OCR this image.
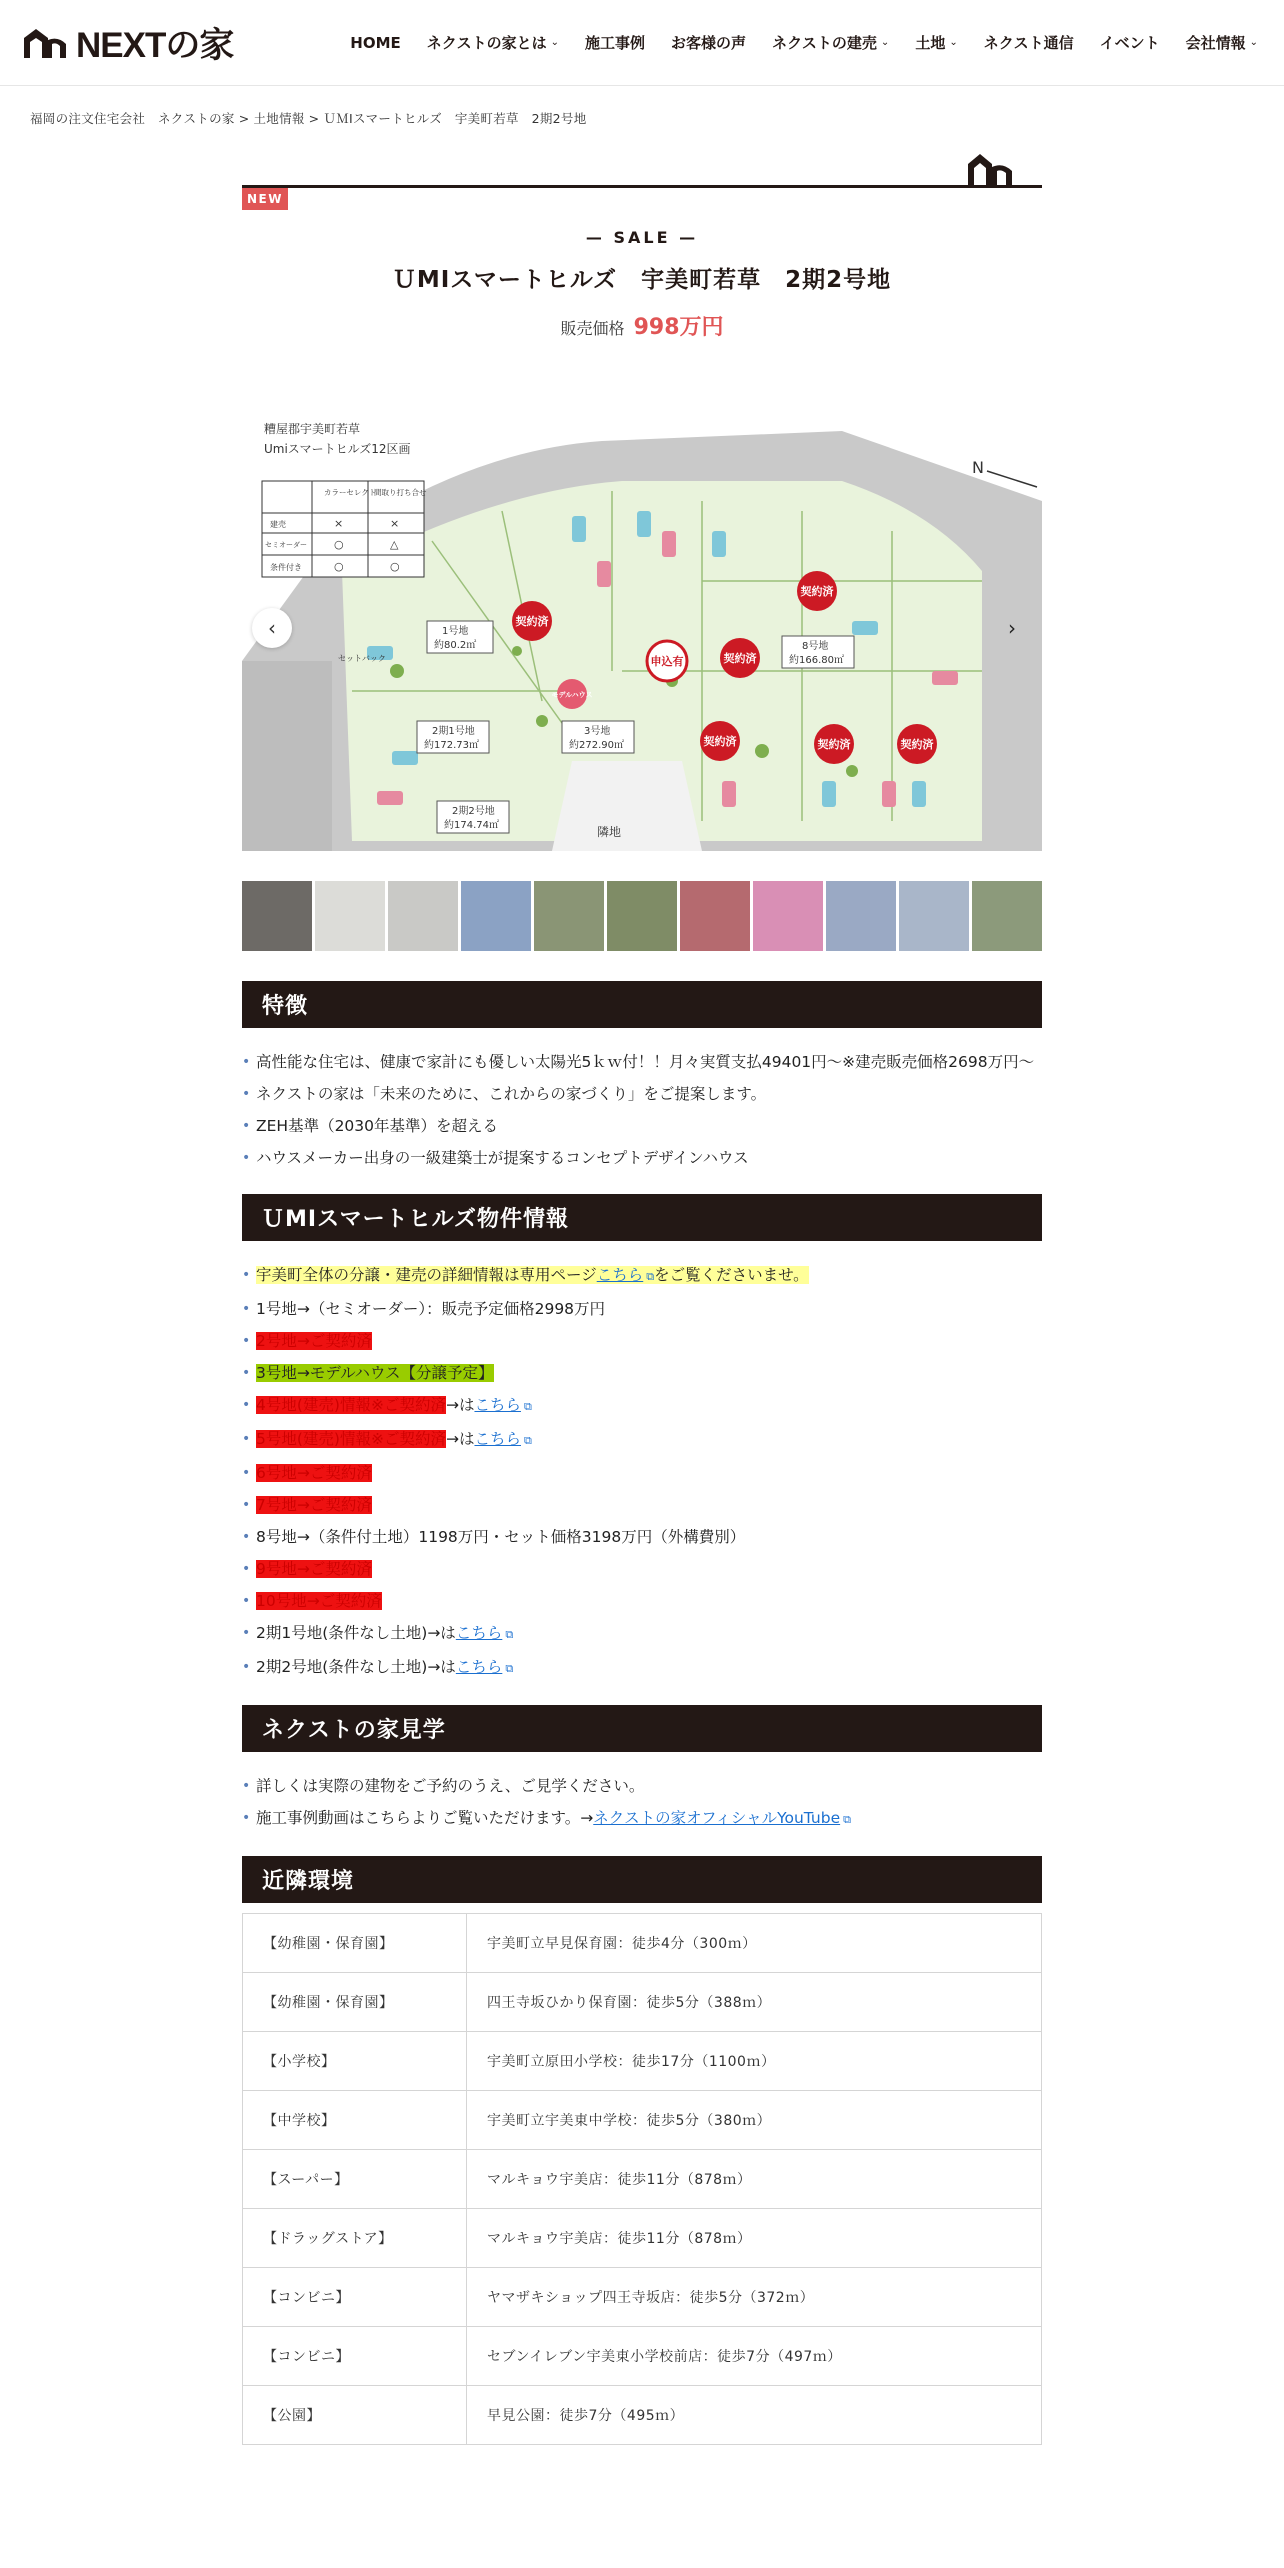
NEXTの家	HOME ネクストの家とは ⌄ 施工事例 お客様の声 ネクストの建売 ⌄ 土地 ⌄ ネクスト通信 イベント 会社情報 ⌄
福岡の注文住宅会社　ネクストの家 > 土地情報 > ＵＭIスマートヒルズ　宇美町若草　2期2号地
NEW
— SALE —
ＵMIスマートヒルズ　宇美町若草　2期2号地
販売価格 998万円
糟屋郡宇美町若草
Umiスマートヒルズ12区画
カラーセレクト
間取り打ち合せ
建売	×	×
セミオーダー ○	△
条件付き	○	○
N
1号地
約80.2㎡
2期1号地
約172.73㎡
2期2号地
約174.74㎡
3号地
約272.90㎡
8号地
約166.80㎡
隣地
セットバック
契約済
契約済
契約済
契約済	契約済	契約済
申込有
モデルハウス
‹	›
特徴
• 高性能な住宅は、健康で家計にも優しい太陽光5ｋｗ付！！月々実質支払49401円～※建売販売価格2698万円～
• ネクストの家は「未来のために、これからの家づくり」をご提案します。
• ZEH基準（2030年基準）を超える
• ハウスメーカー出身の一級建築士が提案するコンセプトデザインハウス
ＵMIスマートヒルズ物件情報
• 宇美町全体の分譲・建売の詳細情報は専用ページこちら ⧉をご覧くださいませ。
• 1号地→（セミオーダー）：販売予定価格2998万円
• 2号地→ご契約済
• 3号地→モデルハウス【分譲予定】
• 4号地(建売)情報※ご契約済→はこちら ⧉
• 5号地(建売)情報※ご契約済→はこちら ⧉
• 6号地→ご契約済
• 7号地→ご契約済
• 8号地→（条件付土地）1198万円・セット価格3198万円（外構費別）
• 9号地→ご契約済
• 10号地→ご契約済
• 2期1号地(条件なし土地)→はこちら ⧉
• 2期2号地(条件なし土地)→はこちら ⧉
ネクストの家見学
• 詳しくは実際の建物をご予約のうえ、ご見学ください。
• 施工事例動画はこちらよりご覧いただけます。→ネクストの家オフィシャルYouTube ⧉
近隣環境
【幼稚園・保育園】	宇美町立早見保育園：徒歩4分（300ｍ）
【幼稚園・保育園】	四王寺坂ひかり保育園：徒歩5分（388ｍ）
【小学校】	宇美町立原田小学校：徒歩17分（1100ｍ）
【中学校】	宇美町立宇美東中学校：徒歩5分（380ｍ）
【スーパー】	マルキョウ宇美店：徒歩11分（878ｍ）
【ドラッグストア】	マルキョウ宇美店：徒歩11分（878ｍ）
【コンビニ】	ヤマザキショップ四王寺坂店：徒歩5分（372ｍ）
【コンビニ】	セブンイレブン宇美東小学校前店：徒歩7分（497ｍ）
【公園】	早見公園：徒歩7分（495ｍ）
